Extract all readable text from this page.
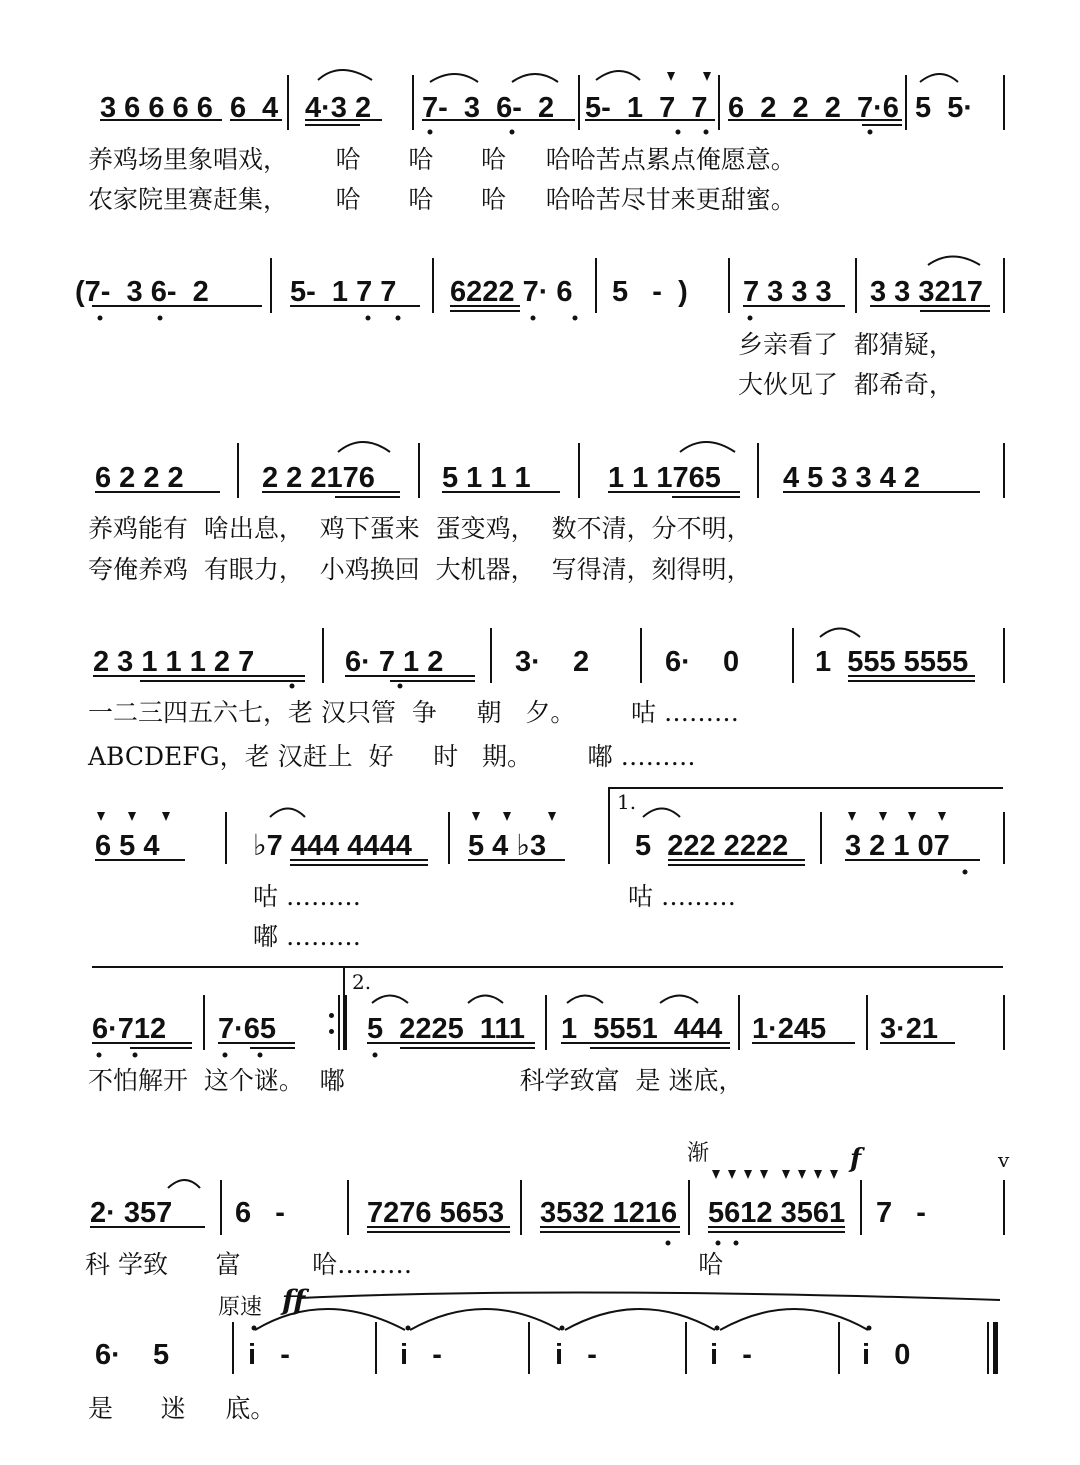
3 6 6 6 6 6 4 4·3 2 7-  3  6-  2 5-  1  7  7 6  2  2  2  7·6 5  5·
养鸡场里象唱戏，      哈      哈      哈     哈哈苦点累点俺愿意。
农家院里赛赶集，      哈      哈      哈     哈哈苦尽甘来更甜蜜。
(7-  3 6-  2	5-  1 7 7 6222 7· 6 5   -  ) 7 3 3 3 3 3 3217
乡亲看了  都猜疑，
大伙见了  都希奇，
6 2 2 2	2 2 2176 5 1 1 1	1 1 1765 4 5 3 3 4 2
养鸡能有  啥出息，  鸡下蛋来  蛋变鸡，  数不清，分不明，
夸俺养鸡  有眼力，  小鸡换回  大机器，  写得清，刻得明，
2 3 1 1 1 2 7	6· 7 1 2 3·    2	6·    0	1  555 5555
一二三四五六七，老 汉只管  争     朝   夕。       咕 ………
ABCDEFG，老 汉赶上  好     时   期。       嘟 ………
1.
6 5 4	♭7 444 4444 5 4 ♭3	5  222 2222 3 2 1 07
咕 ………
嘟 ………
咕 ………
2.
6·712 7·65	5  2225  111 1  5551  444 1·245 3·21
不怕解开  这个谜。  嘟                      科学致富  是 迷底，
渐	f	v
2· 357 6   -	7276 5653 3532 1216 5612 3561 7   -
科 学致      富         哈………                                    哈
原速 ff
6·    5	i   -	i   -	i   -	i   -	i   0
是      迷     底。
